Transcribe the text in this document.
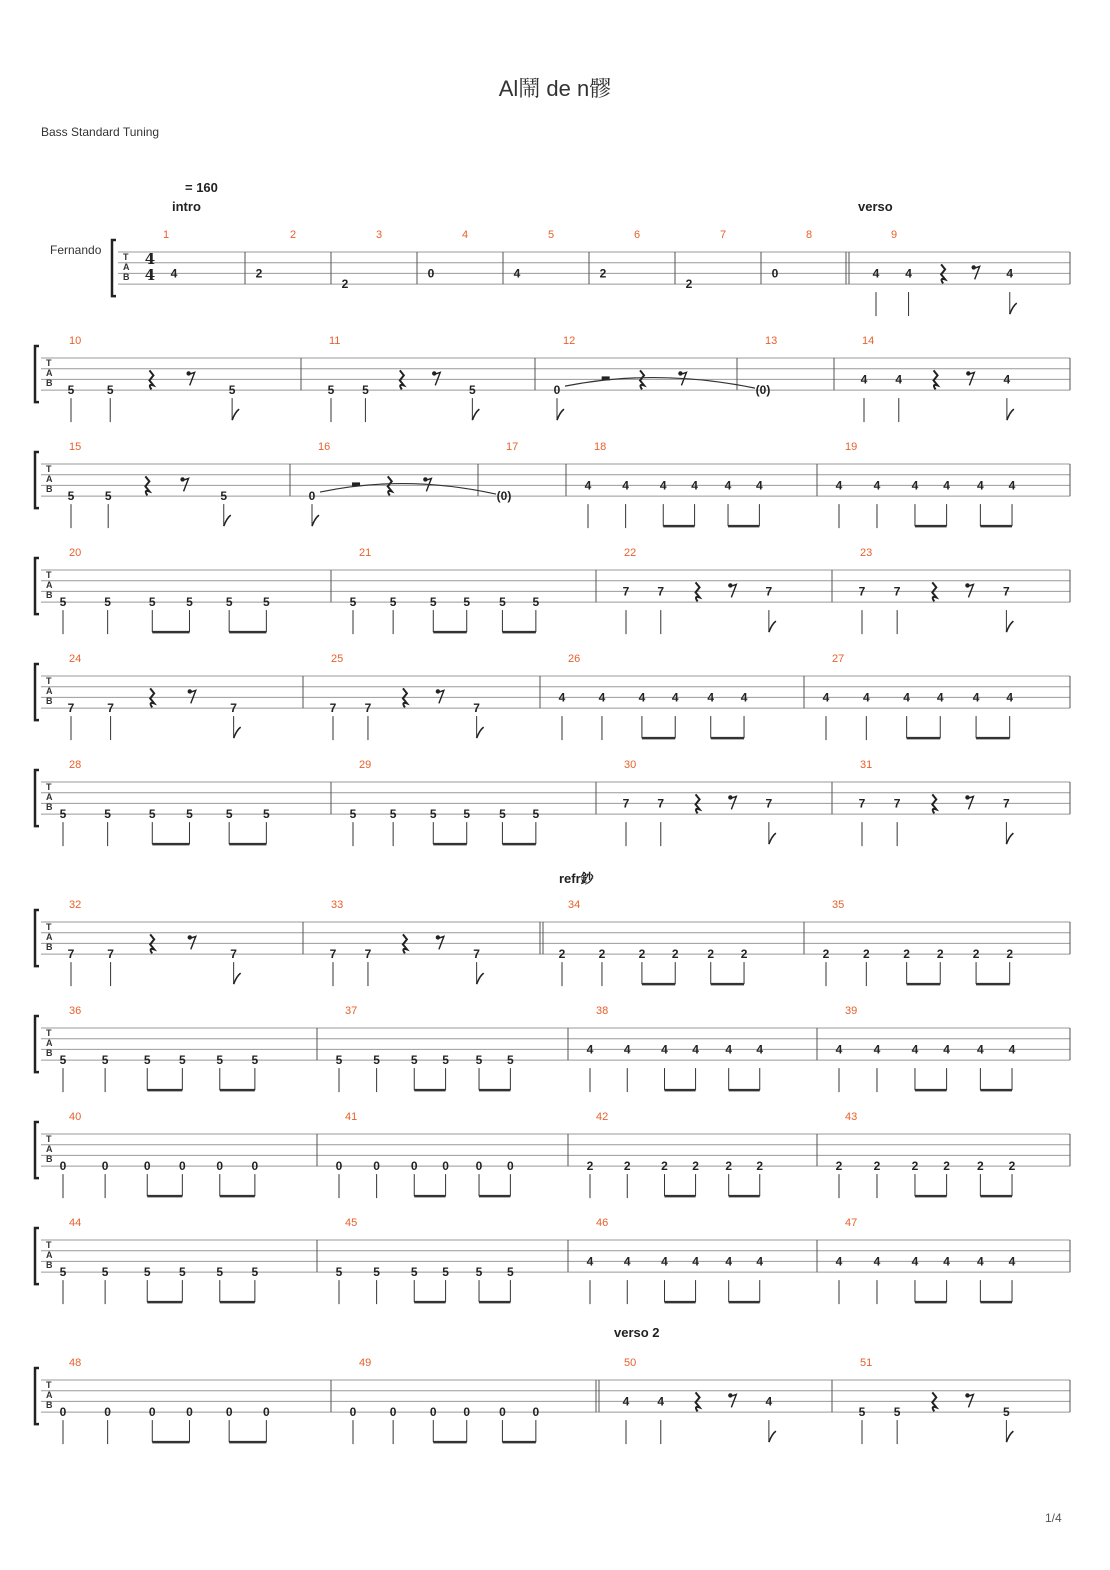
Al鬧 de n髎
Bass Standard Tuning
Fernando
= 160
intro	verso
refr鈔
verso 2
1/4
T
A
B
4
4
1
4
2
2
3
2
4
0
5
4
6
2
7
2
8
0
9
4 4	4
T
A
B
10
5	5	5
11
5 5	5
12
0
13
(0)
14
4 4	4
T
A
B
15
5	5	5
16
0
17
(0)
18
4	4	4 4 4 4
19
4	4	4 4 4 4
T
A
B
20
5	5	5	5	5	5
21
5	5	5 5 5 5
22
7 7	7
23
7 7	7
T
A
B
24
7	7	7
25
7 7	7
26
4	4	4 4 4 4
27
4	4	4 4 4 4
T
A
B
28
5	5	5	5	5	5
29
5	5	5 5 5 5
30
7 7	7
31
7 7	7
T
A
B
32
7	7	7
33
7 7	7
34
2	2	2 2 2 2
35
2	2	2 2 2 2
T
A
B
36
5	5	5 5	5 5
37
5	5	5 5 5 5
38
4	4	4 4 4 4
39
4	4	4 4 4 4
T
A
B
40
0	0	0 0	0 0
41
0	0	0 0 0 0
42
2	2	2 2 2 2
43
2	2	2 2 2 2
T
A
B
44
5	5	5 5	5 5
45
5	5	5 5 5 5
46
4	4	4 4 4 4
47
4	4	4 4 4 4
T
A
B
48
0	0	0	0	0	0
49
0	0	0 0 0 0
50
4 4	4
51
5 5	5
